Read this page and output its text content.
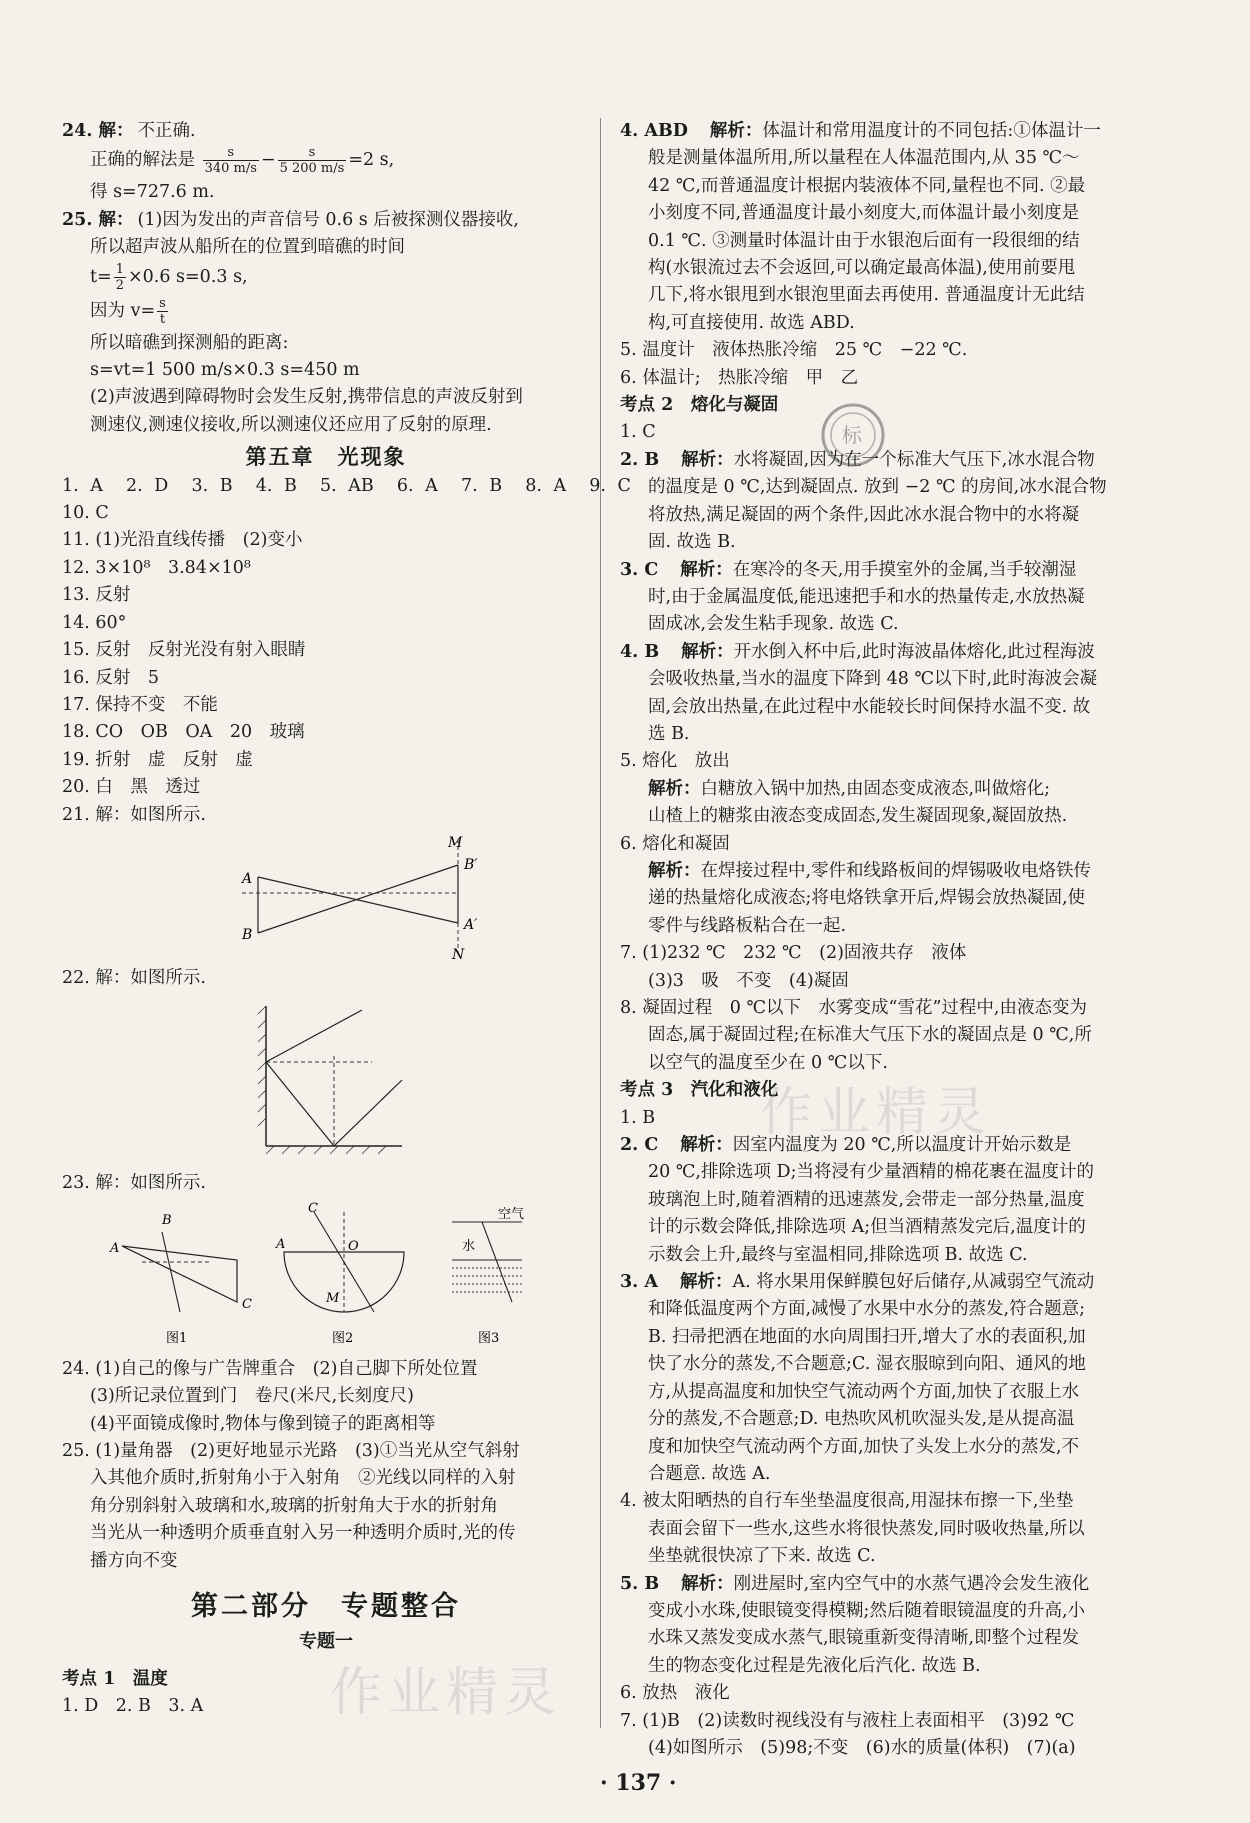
24. 解： 不正确.
正确的解法是 $\frac{s}{340 m/s} - \frac{s}{5 200 m/s} =2$ s,
得 s=727.6 m.
25. 解： (1)因为发出的声音信号 0.6 s 后被探测仪器接收,
所以超声波从船所在的位置到暗礁的时间
$t= \frac{1}{2} \times 0.6$ s=0.3 s,
因为 $v= \frac{s}{t}$
所以暗礁到探测船的距离:
s=vt=1 500 m/s×0.3 s=450 m
(2)声波遇到障碍物时会发生反射,携带信息的声波反射到
测速仪,测速仪接收,所以测速仪还应用了反射的原理.
第五章　光现象
1. A 2. D 3. B 4. B 5. AB 6. A 7. B 8. A 9. C
10. C
11. (1)光沿直线传播　(2)变小
12. 3×10⁸　3.84×10⁸
13. 反射
14. 60°
15. 反射　反射光没有射入眼睛
16. 反射　5
17. 保持不变　不能
18. CO　OB　OA　20　玻璃
19. 折射　虚　反射　虚
20. 白　黑　透过
21. 解：如图所示.
M
B′
A
B
A′
N
22. 解：如图所示.
23. 解：如图所示.
B
A
C
图1
C
A	O
M
图2
空气
水
图3
24. (1)自己的像与广告牌重合　(2)自己脚下所处位置
(3)所记录位置到门　卷尺(米尺,长刻度尺)
(4)平面镜成像时,物体与像到镜子的距离相等
25. (1)量角器　(2)更好地显示光路　(3)①当光从空气斜射
入其他介质时,折射角小于入射角　②光线以同样的入射
角分别斜射入玻璃和水,玻璃的折射角大于水的折射角
当光从一种透明介质垂直射入另一种透明介质时,光的传
播方向不变
第二部分　专题整合
专题一
考点 1　温度
1. D　2. B　3. A
4. ABD 解析：体温计和常用温度计的不同包括:①体温计一
般是测量体温所用,所以量程在人体温范围内,从 35 ℃～
42 ℃,而普通温度计根据内装液体不同,量程也不同. ②最
小刻度不同,普通温度计最小刻度大,而体温计最小刻度是
0.1 ℃. ③测量时体温计由于水银泡后面有一段很细的结
构(水银流过去不会返回,可以确定最高体温),使用前要甩
几下,将水银甩到水银泡里面去再使用. 普通温度计无此结
构,可直接使用. 故选 ABD.
5. 温度计　液体热胀冷缩　25 ℃　−22 ℃.
6. 体温计;　热胀冷缩　甲　乙
考点 2　熔化与凝固
1. C
2. B 解析：水将凝固,因为在一个标准大气压下,冰水混合物
的温度是 0 ℃,达到凝固点. 放到 −2 ℃ 的房间,冰水混合物
将放热,满足凝固的两个条件,因此冰水混合物中的水将凝
固. 故选 B.
3. C 解析：在寒冷的冬天,用手摸室外的金属,当手较潮湿
时,由于金属温度低,能迅速把手和水的热量传走,水放热凝
固成冰,会发生粘手现象. 故选 C.
4. B 解析：开水倒入杯中后,此时海波晶体熔化,此过程海波
会吸收热量,当水的温度下降到 48 ℃以下时,此时海波会凝
固,会放出热量,在此过程中水能较长时间保持水温不变. 故
选 B.
5. 熔化　放出
解析：白糖放入锅中加热,由固态变成液态,叫做熔化;
山楂上的糖浆由液态变成固态,发生凝固现象,凝固放热.
6. 熔化和凝固
解析：在焊接过程中,零件和线路板间的焊锡吸收电烙铁传
递的热量熔化成液态;将电烙铁拿开后,焊锡会放热凝固,使
零件与线路板粘合在一起.
7. (1)232 ℃　232 ℃　(2)固液共存　液体
(3)3　吸　不变　(4)凝固
8. 凝固过程　0 ℃以下　水雾变成“雪花”过程中,由液态变为
固态,属于凝固过程;在标准大气压下水的凝固点是 0 ℃,所
以空气的温度至少在 0 ℃以下.
考点 3　汽化和液化
1. B
2. C 解析：因室内温度为 20 ℃,所以温度计开始示数是
20 ℃,排除选项 D;当将浸有少量酒精的棉花裹在温度计的
玻璃泡上时,随着酒精的迅速蒸发,会带走一部分热量,温度
计的示数会降低,排除选项 A;但当酒精蒸发完后,温度计的
示数会上升,最终与室温相同,排除选项 B. 故选 C.
3. A 解析：A. 将水果用保鲜膜包好后储存,从减弱空气流动
和降低温度两个方面,减慢了水果中水分的蒸发,符合题意;
B. 扫帚把洒在地面的水向周围扫开,增大了水的表面积,加
快了水分的蒸发,不合题意;C. 湿衣服晾到向阳、通风的地
方,从提高温度和加快空气流动两个方面,加快了衣服上水
分的蒸发,不合题意;D. 电热吹风机吹湿头发,是从提高温
度和加快空气流动两个方面,加快了头发上水分的蒸发,不
合题意. 故选 A.
4. 被太阳晒热的自行车坐垫温度很高,用湿抹布擦一下,坐垫
表面会留下一些水,这些水将很快蒸发,同时吸收热量,所以
坐垫就很快凉了下来. 故选 C.
5. B 解析：刚进屋时,室内空气中的水蒸气遇冷会发生液化
变成小水珠,使眼镜变得模糊;然后随着眼镜温度的升高,小
水珠又蒸发变成水蒸气,眼镜重新变得清晰,即整个过程发
生的物态变化过程是先液化后汽化. 故选 B.
6. 放热　液化
7. (1)B　(2)读数时视线没有与液柱上表面相平　(3)92 ℃
(4)如图所示　(5)98;不变　(6)水的质量(体积)　(7)(a)
标
作业精灵
作业精灵
· 137 ·
